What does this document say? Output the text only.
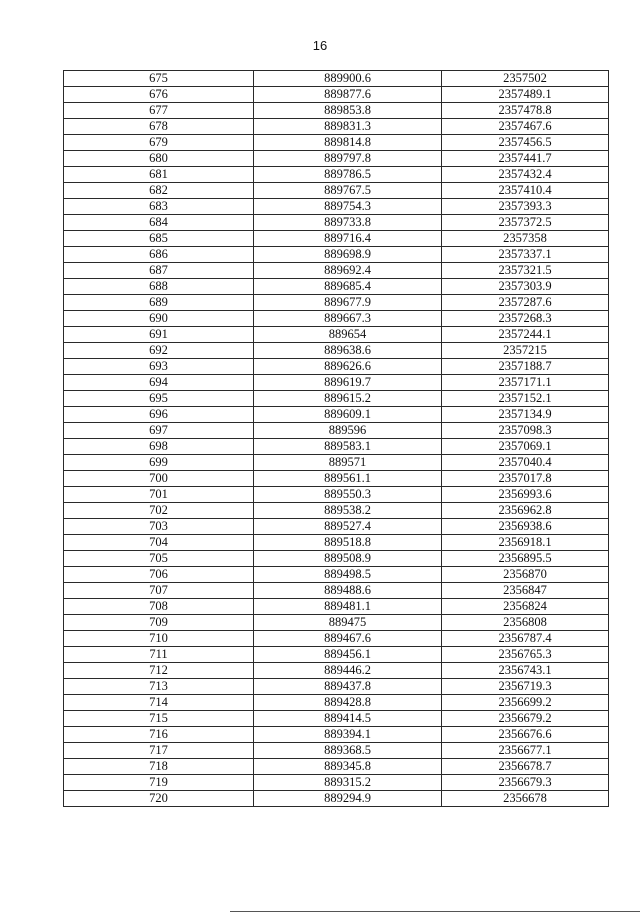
16
675	889900.6	2357502
676	889877.6	2357489.1
677	889853.8	2357478.8
678	889831.3	2357467.6
679	889814.8	2357456.5
680	889797.8	2357441.7
681	889786.5	2357432.4
682	889767.5	2357410.4
683	889754.3	2357393.3
684	889733.8	2357372.5
685	889716.4	2357358
686	889698.9	2357337.1
687	889692.4	2357321.5
688	889685.4	2357303.9
689	889677.9	2357287.6
690	889667.3	2357268.3
691	889654	2357244.1
692	889638.6	2357215
693	889626.6	2357188.7
694	889619.7	2357171.1
695	889615.2	2357152.1
696	889609.1	2357134.9
697	889596	2357098.3
698	889583.1	2357069.1
699	889571	2357040.4
700	889561.1	2357017.8
701	889550.3	2356993.6
702	889538.2	2356962.8
703	889527.4	2356938.6
704	889518.8	2356918.1
705	889508.9	2356895.5
706	889498.5	2356870
707	889488.6	2356847
708	889481.1	2356824
709	889475	2356808
710	889467.6	2356787.4
711	889456.1	2356765.3
712	889446.2	2356743.1
713	889437.8	2356719.3
714	889428.8	2356699.2
715	889414.5	2356679.2
716	889394.1	2356676.6
717	889368.5	2356677.1
718	889345.8	2356678.7
719	889315.2	2356679.3
720	889294.9	2356678
